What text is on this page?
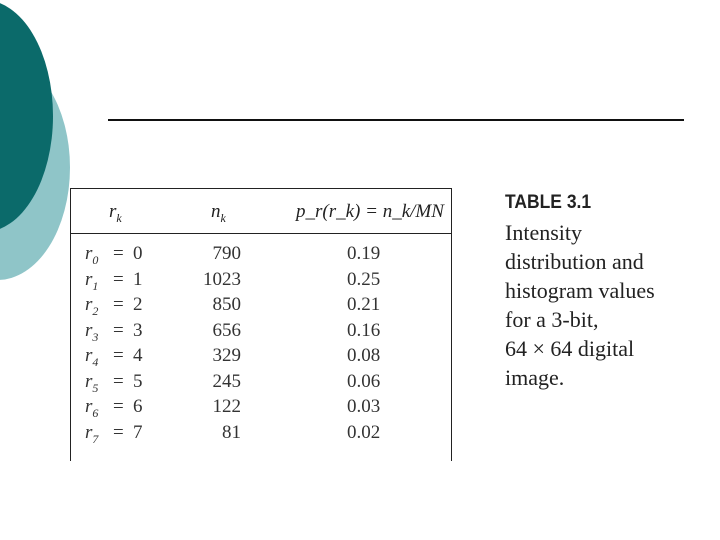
$r_k$	$n_k$	p_r(r_k) = n_k/MN
$r_0 = 0$	790	0.19
$r_1 = 1$	1023	0.25
$r_2 = 2$	850	0.21
$r_3 = 3$	656	0.16
$r_4 = 4$	329	0.08
$r_5 = 5$	245	0.06
$r_6 = 6$	122	0.03
$r_7 = 7$	81	0.02
TABLE 3.1
Intensity
distribution and
histogram values
for a 3-bit,
64 × 64 digital
image.
